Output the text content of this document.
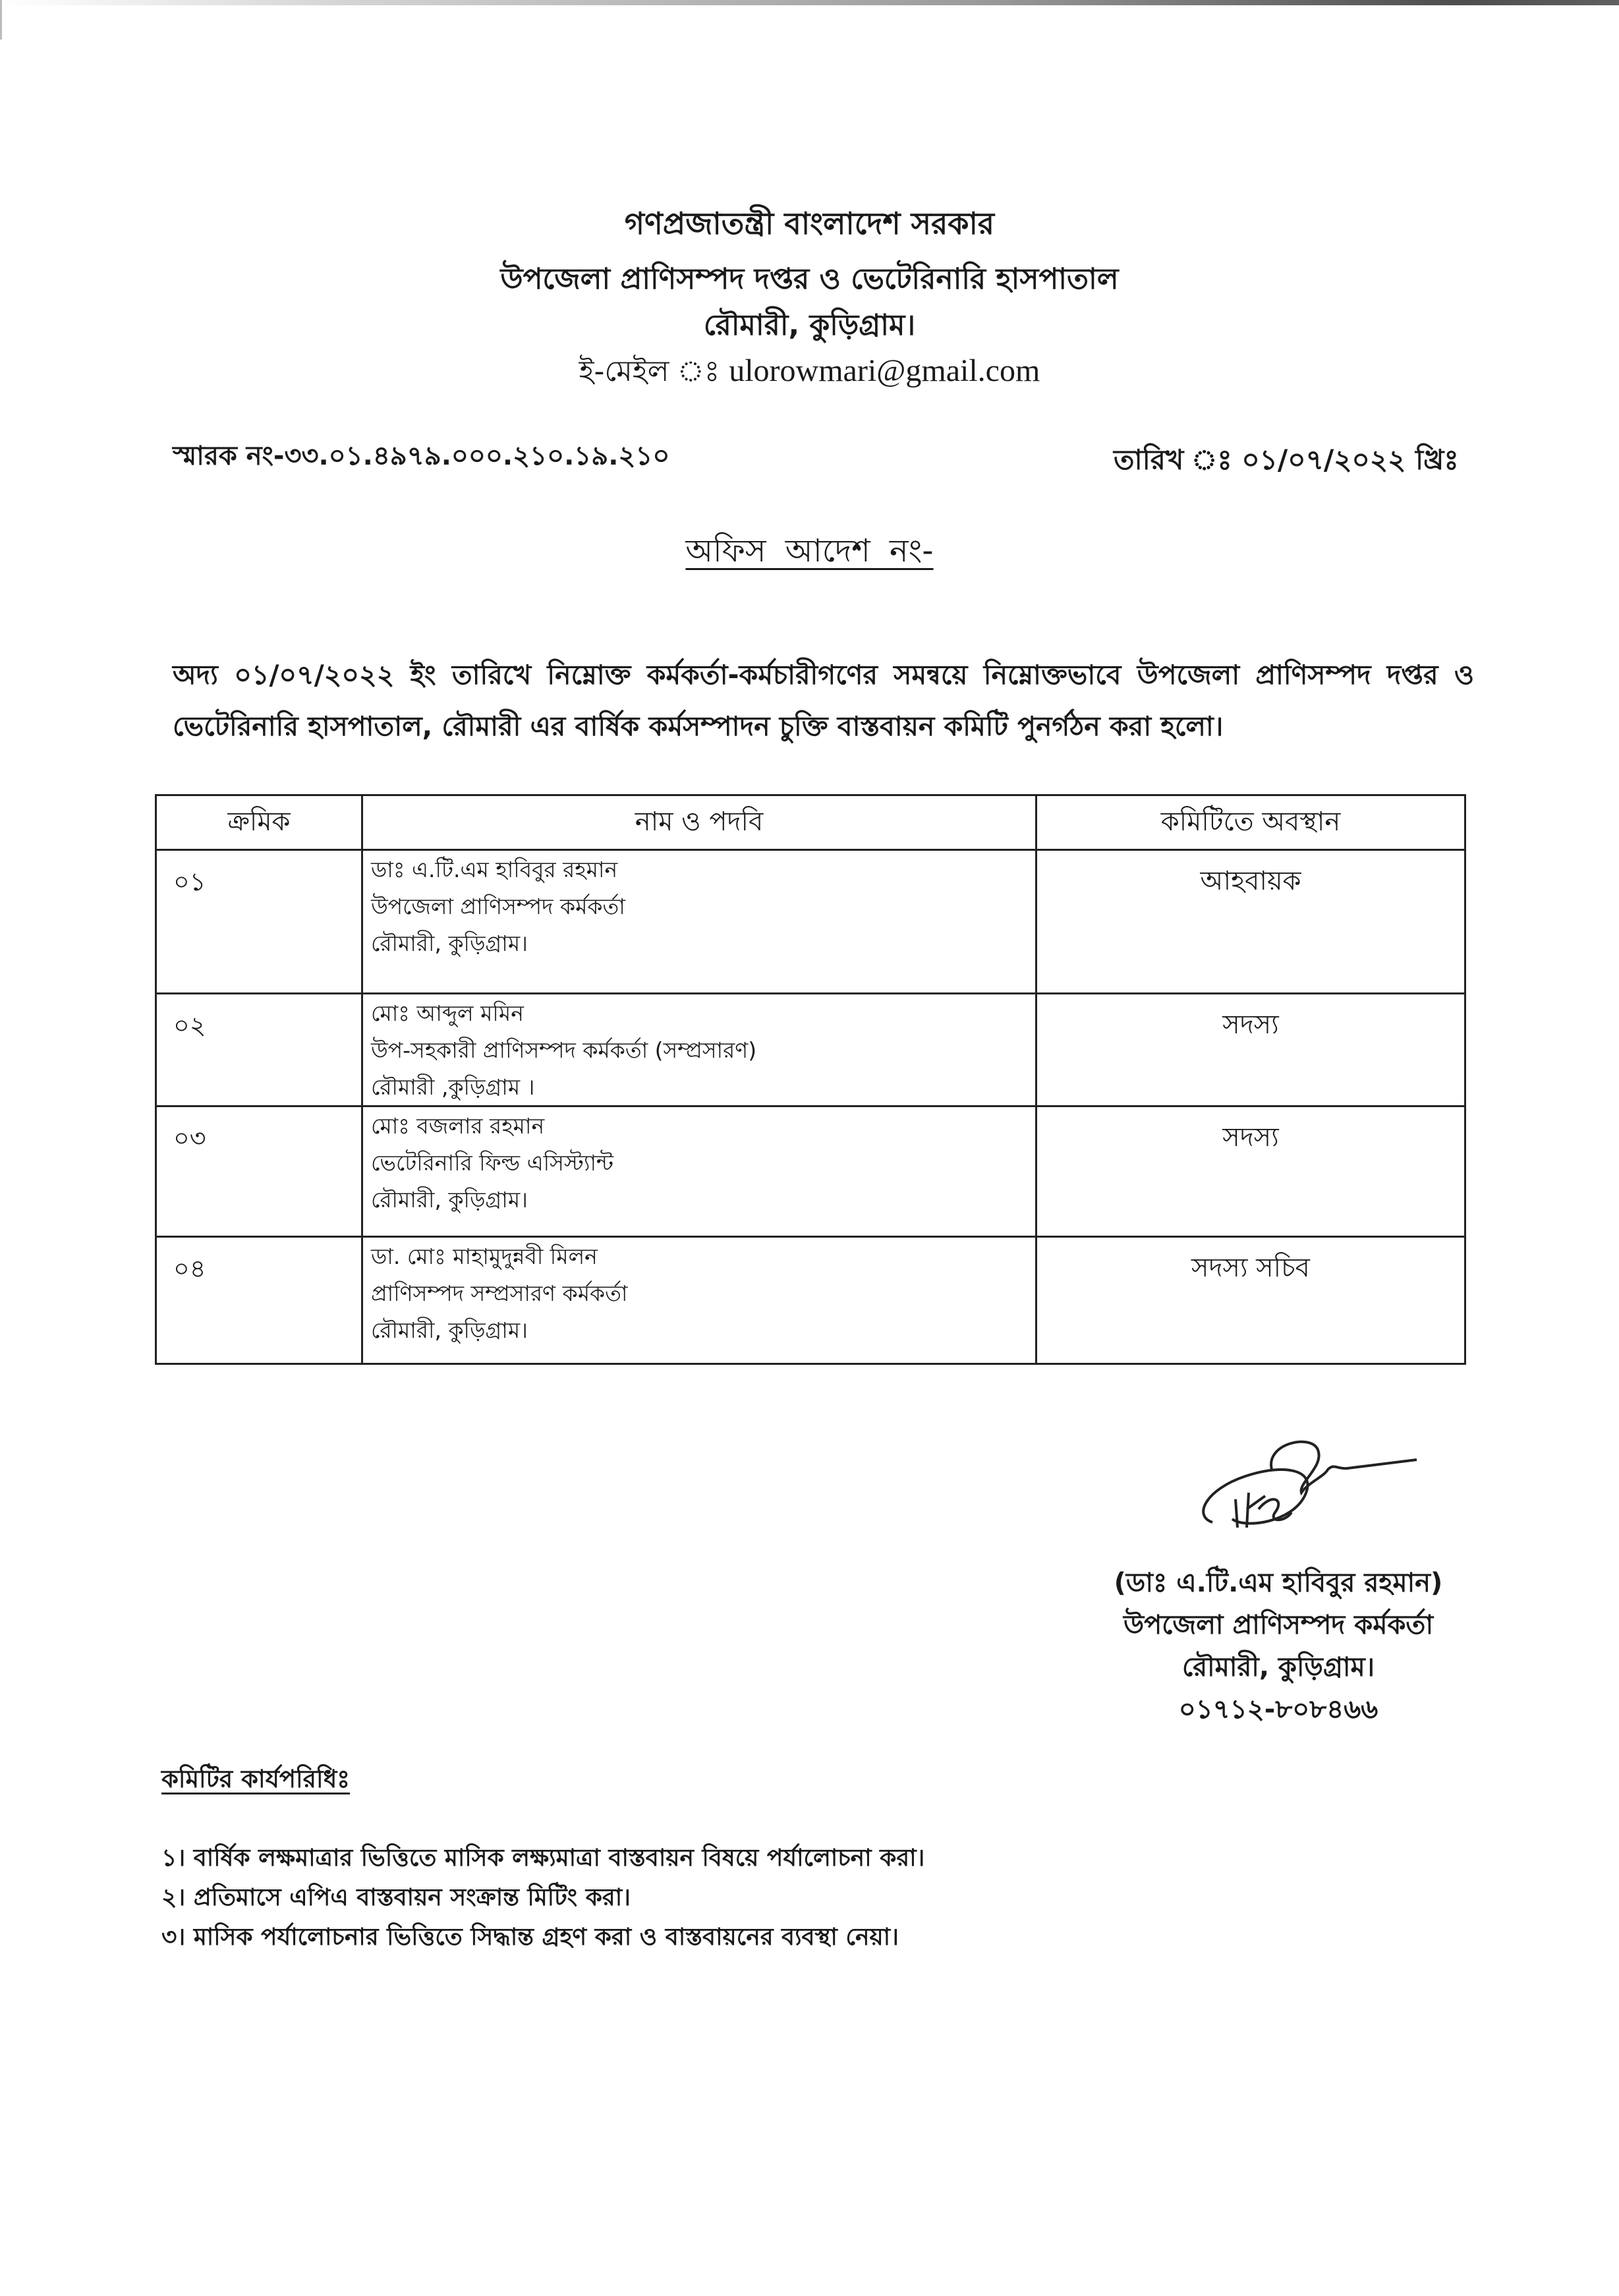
গণপ্রজাতন্ত্রী বাংলাদেশ সরকার
উপজেলা প্রাণিসম্পদ দপ্তর ও ভেটেরিনারি হাসপাতাল
রৌমারী, কুড়িগ্রাম।
ই-মেইল ঃ ulorowmari@gmail.com
স্মারক নং-৩৩.০১.৪৯৭৯.০০০.২১০.১৯.২১০	তারিখ ঃ ০১/০৭/২০২২ খ্রিঃ
অফিস আদেশ নং-
অদ্য ০১/০৭/২০২২ ইং তারিখে নিম্নোক্ত কর্মকর্তা-কর্মচারীগণের সমন্বয়ে নিম্নোক্তভাবে উপজেলা প্রাণিসম্পদ দপ্তর ও ভেটেরিনারি হাসপাতাল, রৌমারী এর বার্ষিক কর্মসম্পাদন চুক্তি বাস্তবায়ন কমিটি পুনর্গঠন করা হলো।
ক্রমিক	নাম ও পদবি	কমিটিতে অবস্থান

০১	ডাঃ এ.টি.এম হাবিবুর রহমান
উপজেলা প্রাণিসম্পদ কর্মকর্তা
রৌমারী, কুড়িগ্রাম।	আহবায়ক

০২	মোঃ আব্দুল মমিন
উপ-সহকারী প্রাণিসম্পদ কর্মকর্তা (সম্প্রসারণ)
রৌমারী ,কুড়িগ্রাম ।	সদস্য

০৩	মোঃ বজলার রহমান
ভেটেরিনারি ফিল্ড এসিস্ট্যান্ট
রৌমারী, কুড়িগ্রাম।	সদস্য

০৪	ডা. মোঃ মাহামুদুন্নবী মিলন
প্রাণিসম্পদ সম্প্রসারণ কর্মকর্তা
রৌমারী, কুড়িগ্রাম।	সদস্য সচিব
(ডাঃ এ.টি.এম হাবিবুর রহমান)
উপজেলা প্রাণিসম্পদ কর্মকর্তা
রৌমারী, কুড়িগ্রাম।
০১৭১২-৮০৮৪৬৬
কমিটির কার্যপরিধিঃ
১। বার্ষিক লক্ষমাত্রার ভিত্তিতে মাসিক লক্ষ্যমাত্রা বাস্তবায়ন বিষয়ে পর্যালোচনা করা।
২। প্রতিমাসে এপিএ বাস্তবায়ন সংক্রান্ত মিটিং করা।
৩। মাসিক পর্যালোচনার ভিত্তিতে সিদ্ধান্ত গ্রহণ করা ও বাস্তবায়নের ব্যবস্থা নেয়া।
